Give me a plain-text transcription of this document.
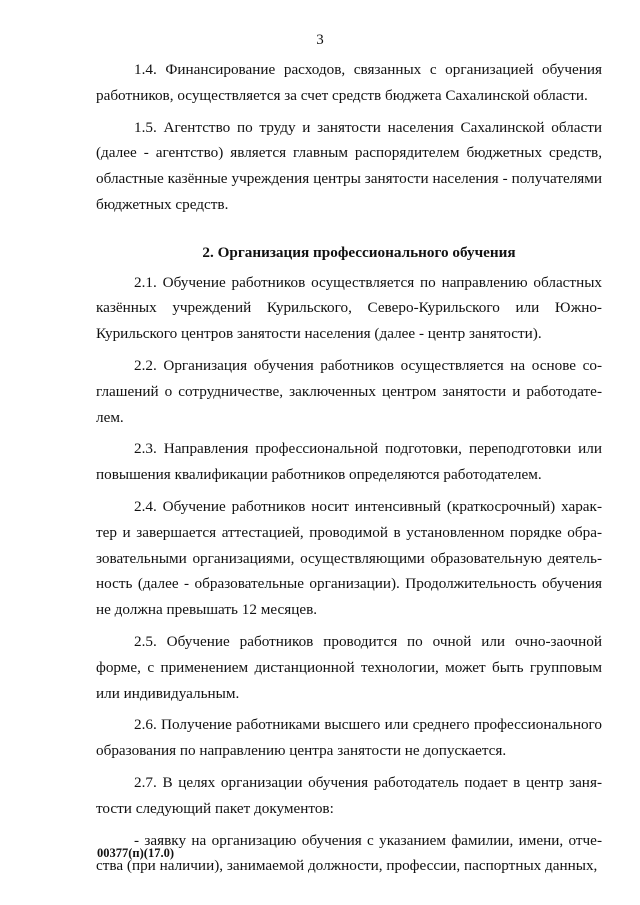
3

1.4. Финансирование расходов, связанных с организацией обучения работников, осуществляется за счет средств бюджета Сахалинской области.

1.5. Агентство по труду и занятости населения Сахалинской области (далее - агентство) является главным распорядителем бюджетных средств, областные казённые учреждения центры занятости населения - получателями бюджетных средств.

2. Организация профессионального обучения

2.1. Обучение работников осуществляется по направлению областных казённых учреждений Курильского, Северо-Курильского или Южно-Курильского центров занятости населения (далее - центр занятости).

2.2. Организация обучения работников осуществляется на основе соглашений о сотрудничестве, заключенных центром занятости и работодателем.

2.3. Направления профессиональной подготовки, переподготовки или повышения квалификации работников определяются работодателем.

2.4. Обучение работников носит интенсивный (краткосрочный) характер и завершается аттестацией, проводимой в установленном порядке образовательными организациями, осуществляющими образовательную деятельность (далее - образовательные организации). Продолжительность обучения не должна превышать 12 месяцев.

2.5. Обучение работников проводится по очной или очно-заочной форме, с применением дистанционной технологии, может быть групповым или индивидуальным.

2.6. Получение работниками высшего или среднего профессионального образования по направлению центра занятости не допускается.

2.7. В целях организации обучения работодатель подает в центр занятости следующий пакет документов:

- заявку на организацию обучения с указанием фамилии, имени, отчества (при наличии), занимаемой должности, профессии, паспортных данных,

00377(п)(17.0)
